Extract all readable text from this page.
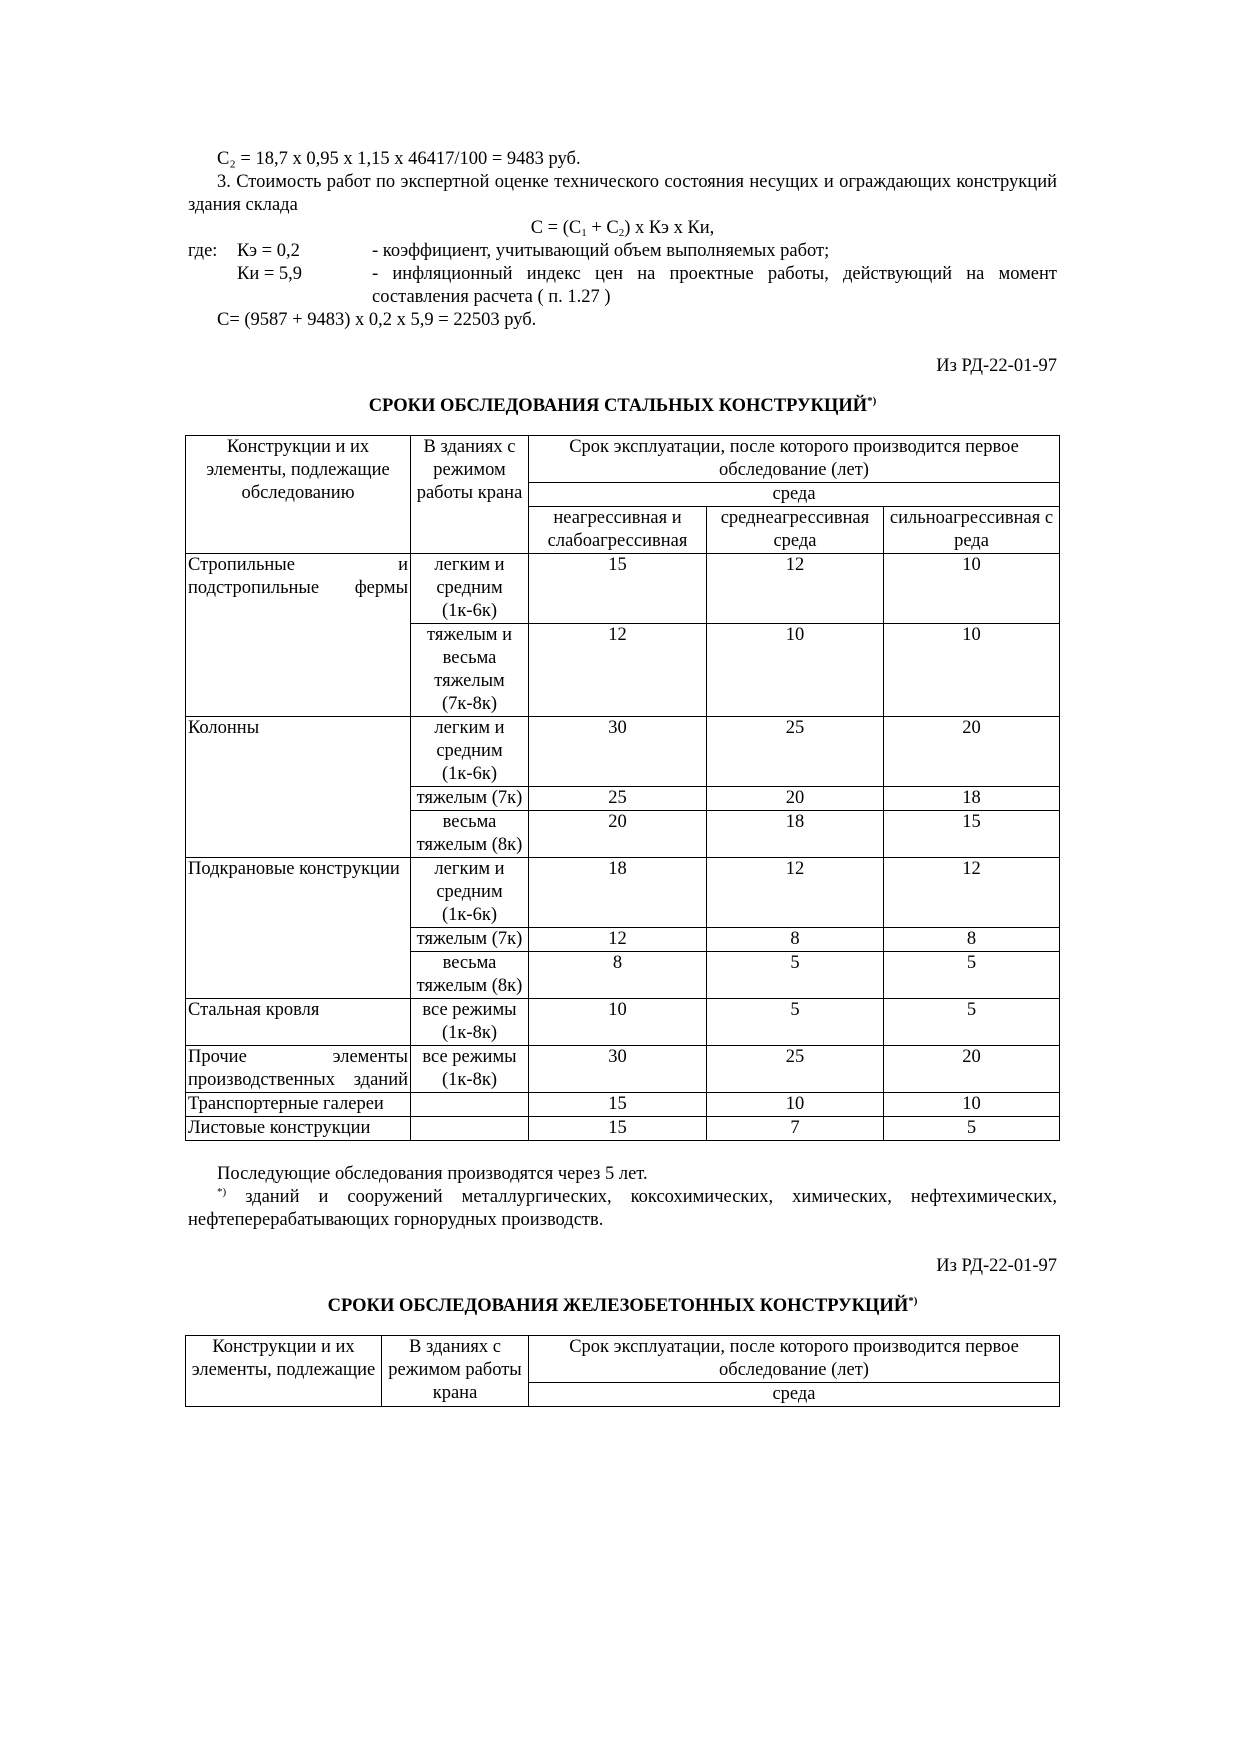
С₂ = 18,7 х 0,95 х 1,15 х 46417/100 = 9483 руб.

3. Стоимость работ по экспертной оценке технического состояния несущих и ограждающих конструкций здания склада

$С = (С_1 + С_2)$ х Кэ х Ки,

где: Кэ = 0,2	- коэффициент, учитывающий объем выполняемых работ;
Ки = 5,9	- инфляционный индекс цен на проектные работы, действующий на момент составления расчета ( п. 1.27 )

С= (9587 + 9483) х 0,2 х 5,9 = 22503 руб.

Из РД-22-01-97

СРОКИ ОБСЛЕДОВАНИЯ СТАЛЬНЫХ КОНСТРУКЦИЙ*)

Конструкции и их элементы, подлежащие обследованию	В зданиях с режимом работы крана	Срок эксплуатации, после которого производится первое обследование (лет)		
		среда		
		неагрессивная и слабоагрессивная	среднеагрессивная среда	сильноагрессивная среда
Стропильные и подстропильные фермы	легким и средним (1к-6к)	15	12	10
	тяжелым и весьма тяжелым (7к-8к)	12	10	10
Колонны	легким и средним (1к-6к)	30	25	20
	тяжелым (7к)	25	20	18
	весьма тяжелым (8к)	20	18	15
Подкрановые конструкции	легким и средним (1к-6к)	18	12	12
	тяжелым (7к)	12	8	8
	весьма тяжелым (8к)	8	5	5
Стальная кровля	все режимы (1к-8к)	10	5	5
Прочие элементы производственных зданий	все режимы (1к-8к)	30	25	20
Транспортерные галереи		15	10	10
Листовые конструкции		15	7	5

Последующие обследования производятся через 5 лет.

*) зданий и сооружений металлургических, коксохимических, химических, нефтехимических, нефтеперерабатывающих горнорудных производств.

Из РД-22-01-97

СРОКИ ОБСЛЕДОВАНИЯ ЖЕЛЕЗОБЕТОННЫХ КОНСТРУКЦИЙ*)

Конструкции и их элементы, подлежащие	В зданиях с режимом работы крана	Срок эксплуатации, после которого производится первое обследование (лет)
среда
